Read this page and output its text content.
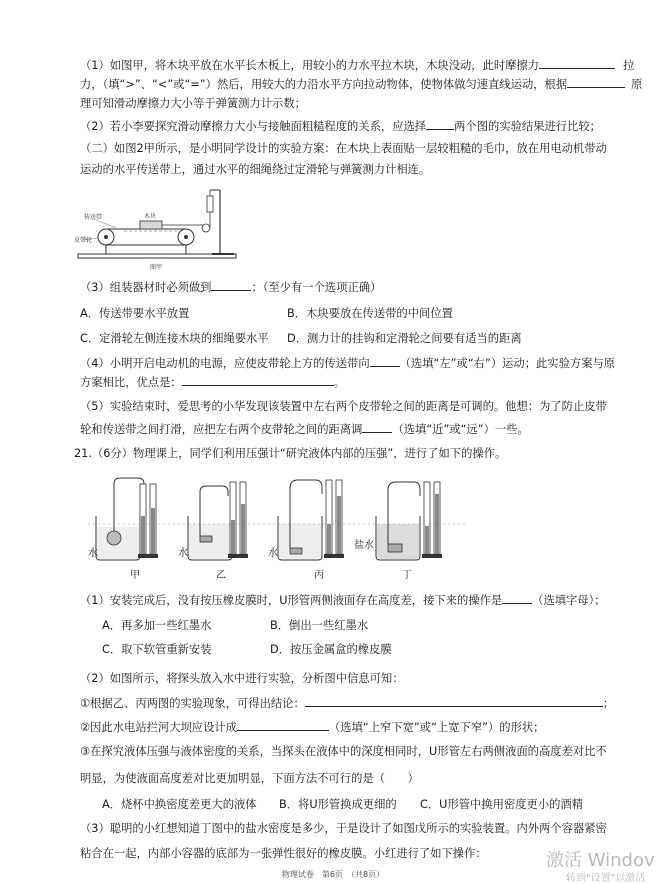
（1）如图甲，将木块平放在水平长木板上，用较小的力水平拉木块，木块没动，此时摩擦力	拉
力，（填“>”、“<”或“=”）然后，用较大的力沿水平方向拉动物体，使物体做匀速直线运动，根据	原
理可知滑动摩擦力大小等于弹簧测力计示数；
（2）若小李要探究滑动摩擦力大小与接触面粗糙程度的关系，应选择 两个图的实验结果进行比较；
（二）如图2甲所示，是小明同学设计的实验方案：在木块上表面贴一层较粗糙的毛巾，放在用电动机带动
运动的水平传送带上，通过水平的细绳绕过定滑轮与弹簧测力计相连。
传送带	木块
皮带轮
图甲
（3）组装器材时必须做到	；（至少有一个选项正确）
A．传送带要水平放置	B．木块要放在传送带的中间位置
C．定滑轮左侧连接木块的细绳要水平 D．测力计的挂钩和定滑轮之间要有适当的距离
（4）小明开启电动机的电源，应使皮带轮上方的传送带向	（选填“左”或“右”）运动；此实验方案与原
方案相比，优点是：	。
（5）实验结束时，爱思考的小华发现该装置中左右两个皮带轮之间的距离是可调的。他想：为了防止皮带
轮和传送带之间打滑，应把左右两个皮带轮之间的距离调	（选填“近”或“远”）一些。
21.（6分）物理课上，同学们利用压强计“研究液体内部的压强”，进行了如下的操作。
水	水	水
盐水
甲	乙	丙	丁
（1）安装完成后，没有按压橡皮膜时，U形管两侧液面存在高度差，接下来的操作是	（选填字母）；
A．再多加一些红墨水	B．倒出一些红墨水
C．取下软管重新安装	D．按压金属盒的橡皮膜
（2）如图所示，将探头放入水中进行实验，分析图中信息可知：
①根据乙、丙两图的实验现象，可得出结论：	；
②因此水电站拦河大坝应设计成	（选填“上窄下宽”或“上宽下窄”）的形状；
③在探究液体压强与液体密度的关系，当探头在液体中的深度相同时，U形管左右两侧液面的高度差对比不
明显，为使液面高度差对比更加明显，下面方法不可行的是（　　）
A．烧杯中换密度差更大的液体 B．将U形管换成更细的 C．U形管中换用密度更小的酒精
（3）聪明的小红想知道丁图中的盐水密度是多少，于是设计了如图戊所示的实验装置。内外两个容器紧密
粘合在一起，内部小容器的底部为一张弹性很好的橡皮膜。小红进行了如下操作：
物理试卷　第6页　（共8页）
激活 Windov
转到"设置"以激活
